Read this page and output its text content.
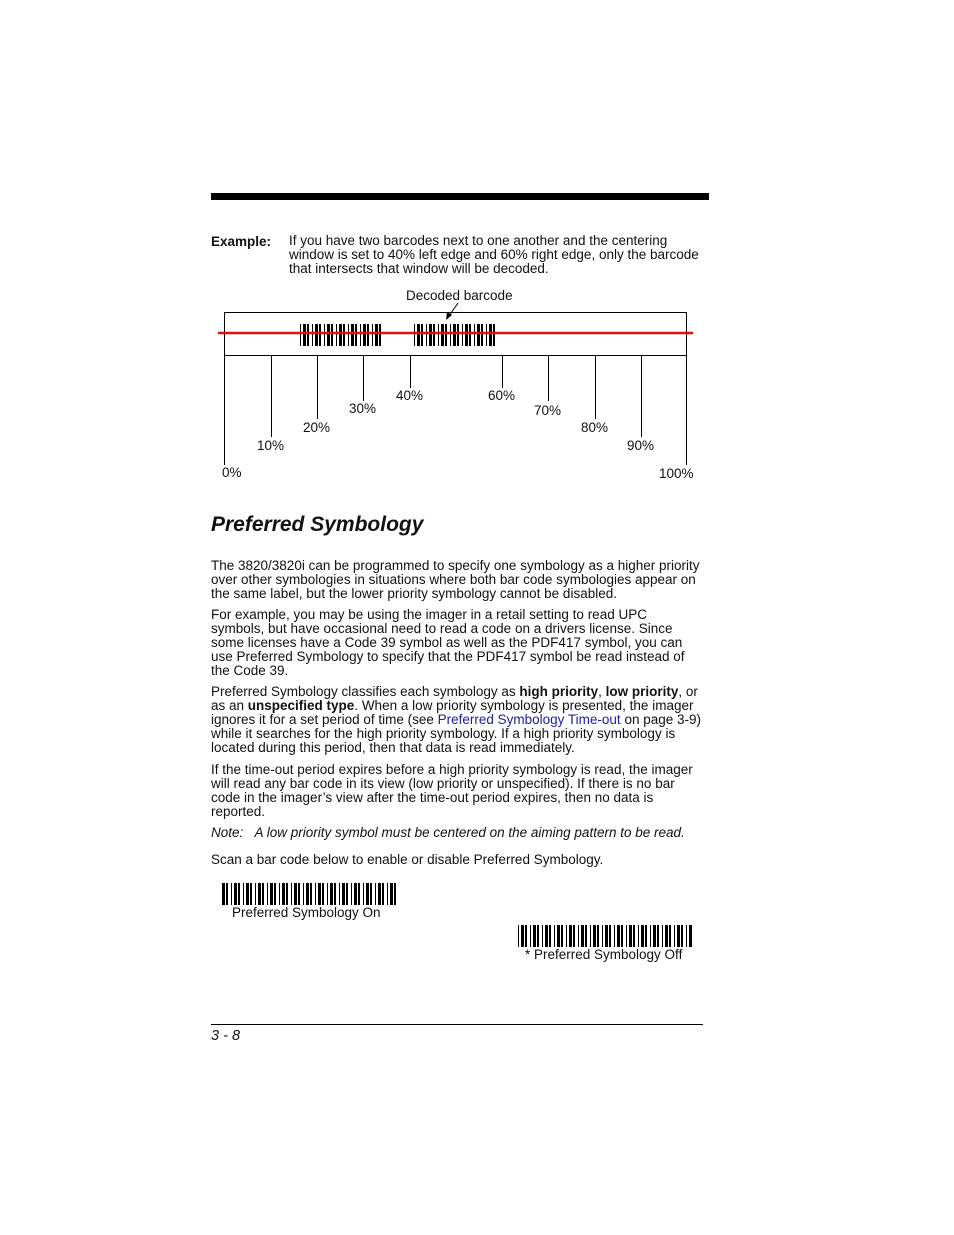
Example: If you have two barcodes next to one another and the centering window is set to 40% left edge and 60% right edge, only the barcode that intersects that window will be decoded.
Decoded barcode
0%
10%
20%
30%
40%	60%
70%
80%
90%
100%
Preferred Symbology

The 3820/3820i can be programmed to specify one symbology as a higher priority over other symbologies in situations where both bar code symbologies appear on the same label, but the lower priority symbology cannot be disabled.

For example, you may be using the imager in a retail setting to read UPC symbols, but have occasional need to read a code on a drivers license. Since some licenses have a Code 39 symbol as well as the PDF417 symbol, you can use Preferred Symbology to specify that the PDF417 symbol be read instead of the Code 39.

Preferred Symbology classifies each symbology as high priority, low priority, or as an unspecified type. When a low priority symbology is presented, the imager ignores it for a set period of time (see Preferred Symbology Time-out on page 3-9) while it searches for the high priority symbology. If a high priority symbology is located during this period, then that data is read immediately.

If the time-out period expires before a high priority symbology is read, the imager will read any bar code in its view (low priority or unspecified). If there is no bar code in the imager’s view after the time-out period expires, then no data is reported.

Note: A low priority symbol must be centered on the aiming pattern to be read.

Scan a bar code below to enable or disable Preferred Symbology.

Preferred Symbology On
* Preferred Symbology Off
3 - 8
